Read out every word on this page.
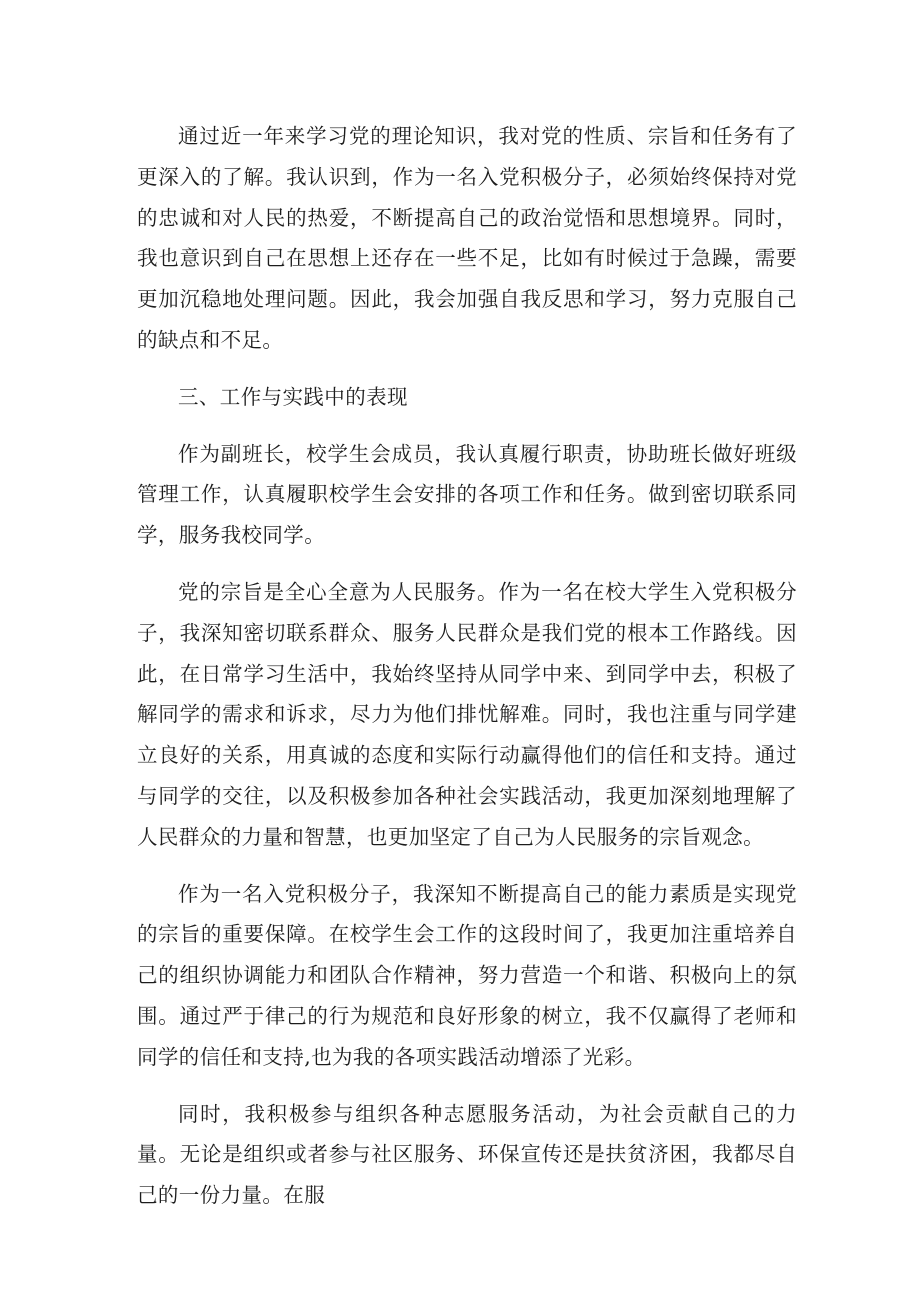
通过近一年来学习党的理论知识，我对党的性质、宗旨和任务有了更深入的了解。我认识到，作为一名入党积极分子，必须始终保持对党的忠诚和对人民的热爱，不断提高自己的政治觉悟和思想境界。同时，我也意识到自己在思想上还存在一些不足，比如有时候过于急躁，需要更加沉稳地处理问题。因此，我会加强自我反思和学习，努力克服自己的缺点和不足。

三、工作与实践中的表现

作为副班长，校学生会成员，我认真履行职责，协助班长做好班级管理工作，认真履职校学生会安排的各项工作和任务。做到密切联系同学，服务我校同学。

党的宗旨是全心全意为人民服务。作为一名在校大学生入党积极分子，我深知密切联系群众、服务人民群众是我们党的根本工作路线。因此，在日常学习生活中，我始终坚持从同学中来、到同学中去，积极了解同学的需求和诉求，尽力为他们排忧解难。同时，我也注重与同学建立良好的关系，用真诚的态度和实际行动赢得他们的信任和支持。通过与同学的交往，以及积极参加各种社会实践活动，我更加深刻地理解了人民群众的力量和智慧，也更加坚定了自己为人民服务的宗旨观念。

作为一名入党积极分子，我深知不断提高自己的能力素质是实现党的宗旨的重要保障。在校学生会工作的这段时间了，我更加注重培养自己的组织协调能力和团队合作精神，努力营造一个和谐、积极向上的氛围。通过严于律己的行为规范和良好形象的树立，我不仅赢得了老师和同学的信任和支持,也为我的各项实践活动增添了光彩。

同时，我积极参与组织各种志愿服务活动，为社会贡献自己的力量。无论是组织或者参与社区服务、环保宣传还是扶贫济困，我都尽自己的一份力量。在服
